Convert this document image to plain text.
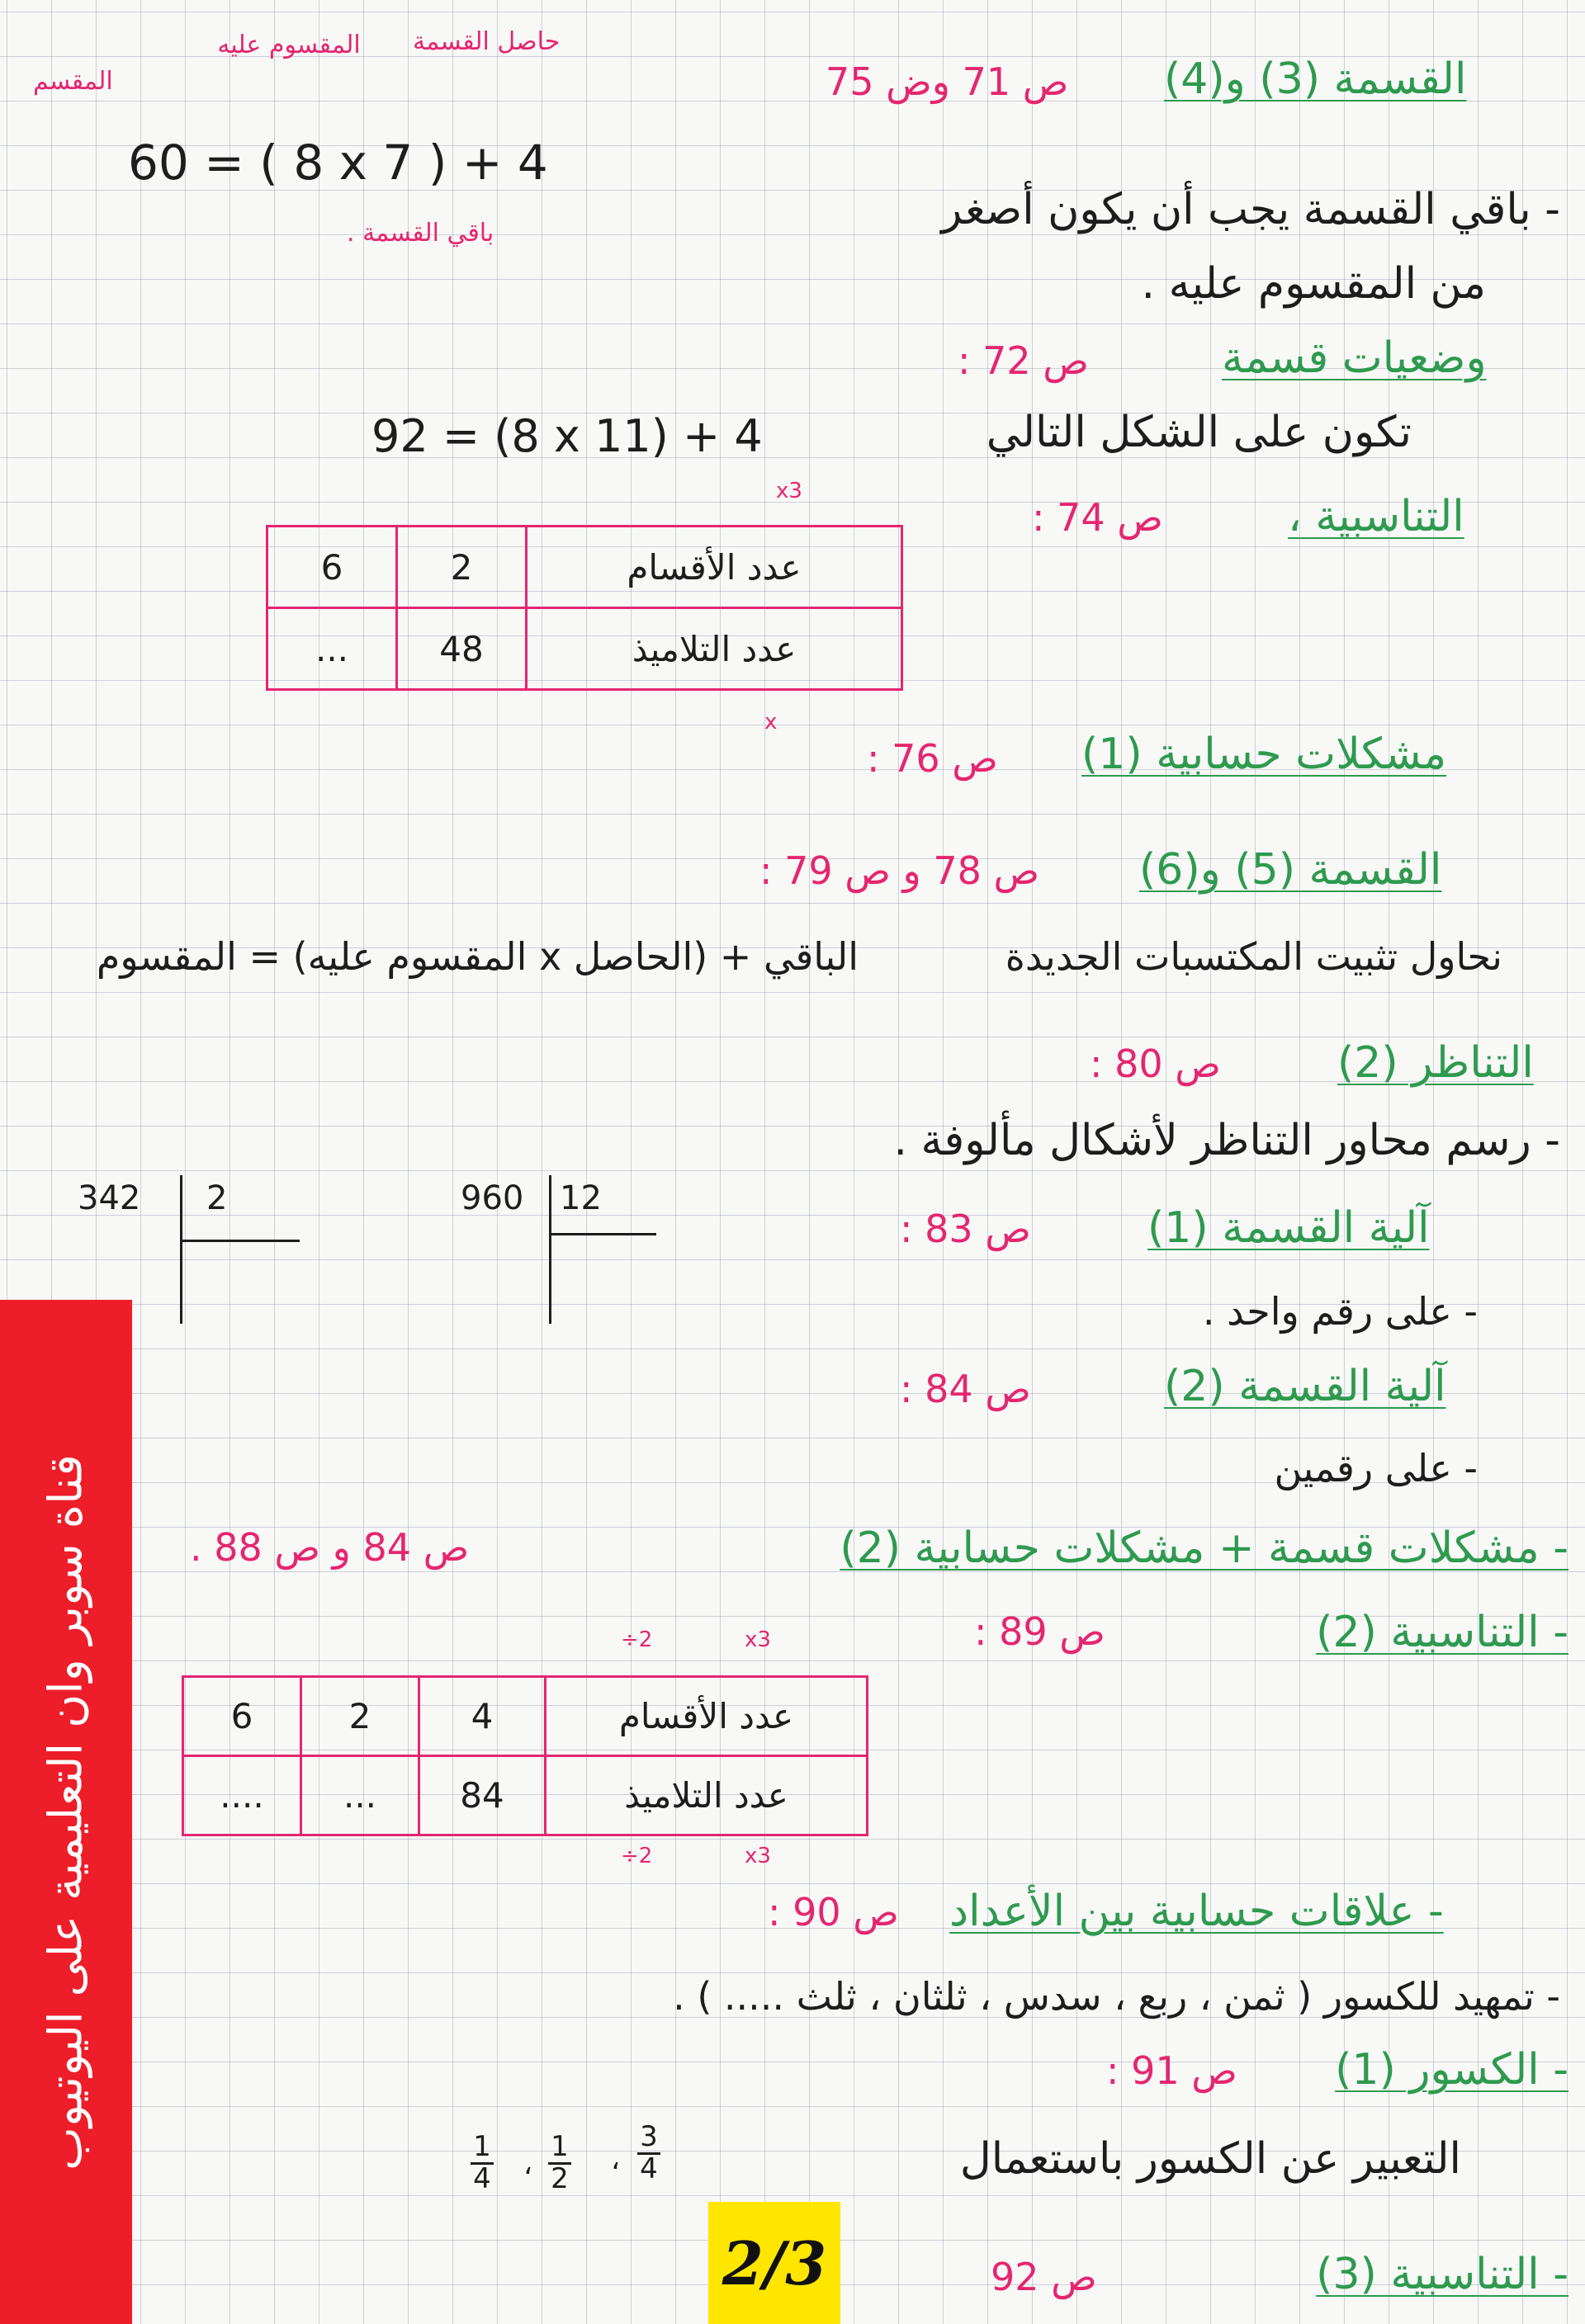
المقسم
المقسوم عليه	حاصل القسمة
60 = ( 8 x 7 ) + 4
باقي القسمة .
القسمة (3) و(4)
ص 71 وض 75
- باقي القسمة يجب أن يكون أصغر
من المقسوم عليه .
وضعيات قسمة
ص 72 :
تكون على الشكل التالي
92 = (8 x 11) + 4
التناسبية ،
ص 74 :
x3
6	2	عدد الأقسام
...	48	عدد التلاميذ
x
مشكلات حسابية (1)
ص 76 :
القسمة (5) و(6)
ص 78 و ص 79 :
نحاول تثبيت المكتسبات الجديدة
الباقي + (الحاصل x المقسوم عليه) = المقسوم
التناظر (2)
ص 80 :
- رسم محاور التناظر لأشكال مألوفة .
342 2	960 12
آلية القسمة (1)
ص 83 :
- على رقم واحد .
آلية القسمة (2)
ص 84 :
- على رقمين
- مشكلات قسمة + مشكلات حسابية (2)
ص 84 و ص 88 .
- التناسبية (2)
ص 89 :
÷2	x3
6	2	4	عدد الأقسام
....	...	84	عدد التلاميذ
÷2	x3
- علاقات حسابية بين الأعداد
ص 90 :
- تمهيد للكسور ( ثمن ، ربع ، سدس ، ثلثان ، ثلث ..... ) .
- الكسور (1)
ص 91 :
التعبير عن الكسور باستعمال
3
4
،
1
2
،
1
4
- التناسبية (3)
ص 92
قناة سوبر وان التعليمية على اليوتيوب
2/3
